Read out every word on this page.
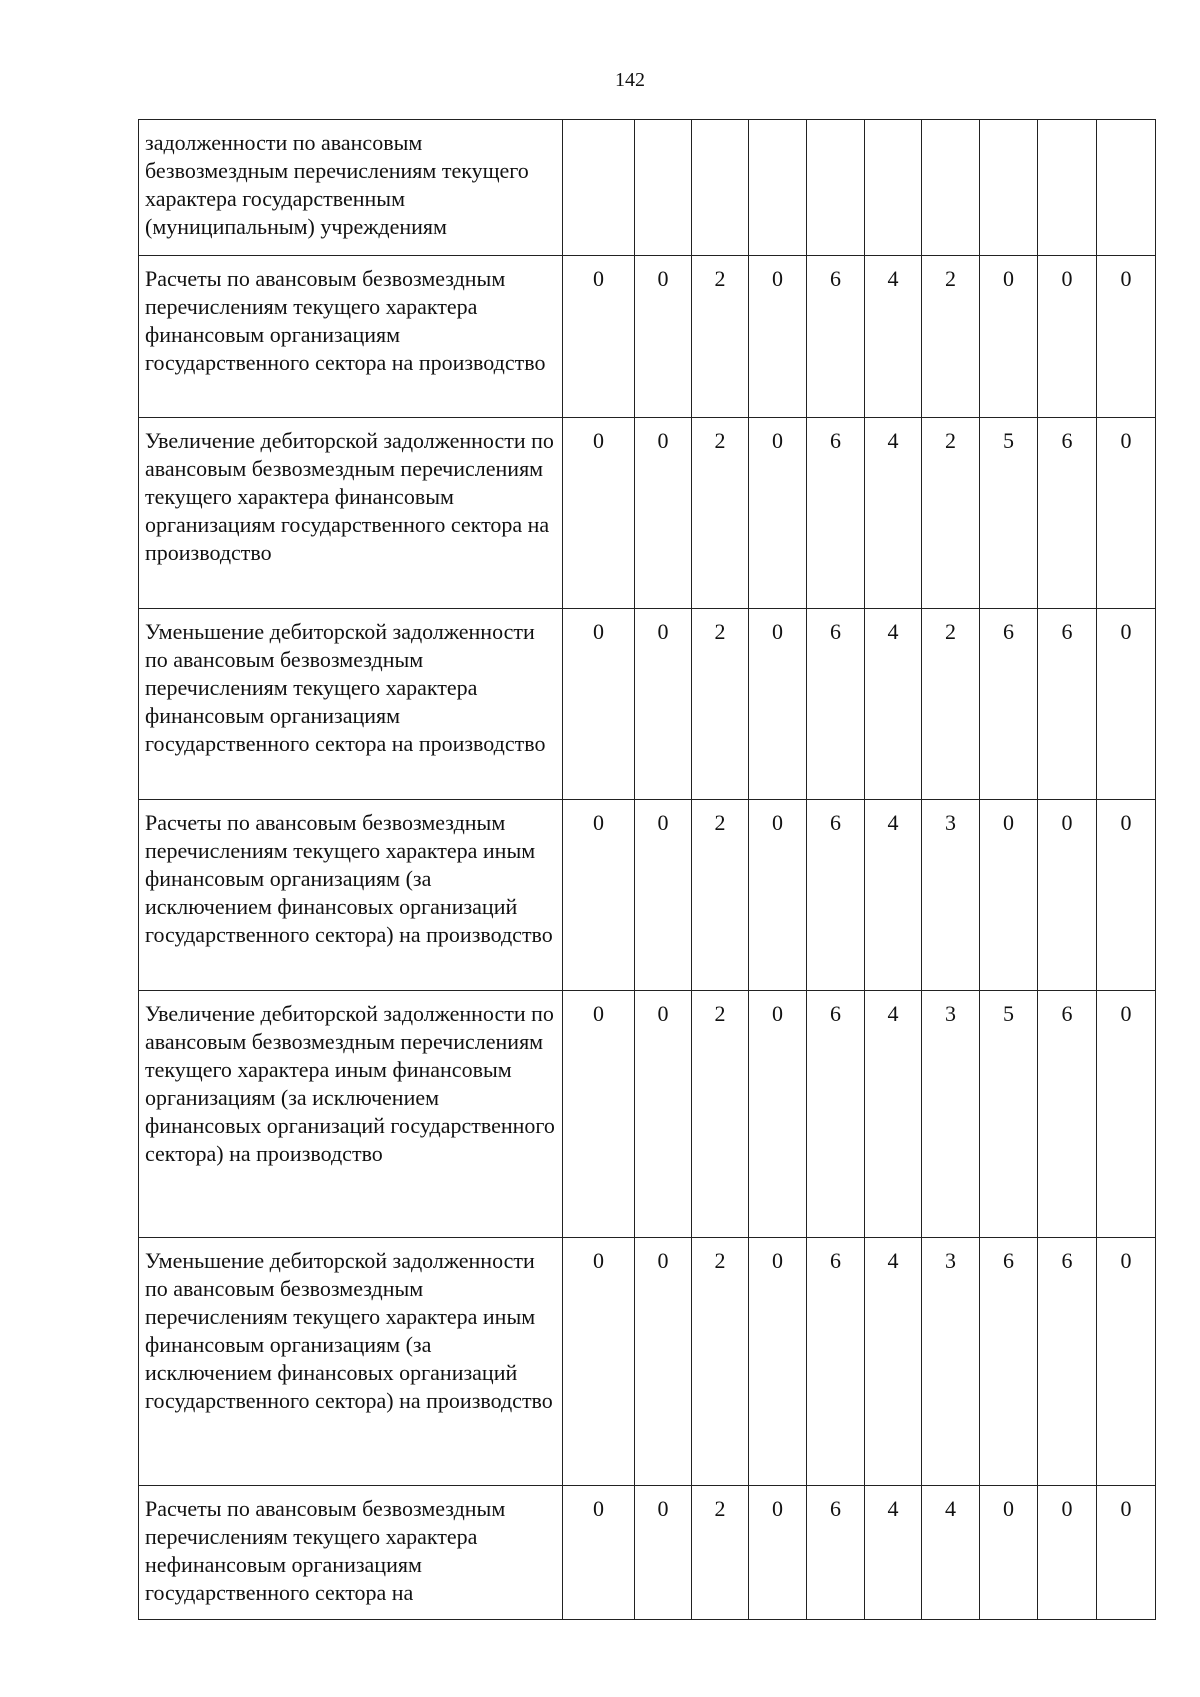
142
задолженности по авансовым безвозмездным перечислениям текущего характера государственным (муниципальным) учреждениям										

Расчеты по авансовым безвозмездным перечислениям текущего характера финансовым организациям государственного сектора на производство	0	0	2	0	6	4	2	0	0	0

Увеличение дебиторской задолженности по авансовым безвозмездным перечислениям текущего характера финансовым организациям государственного сектора на производство	0	0	2	0	6	4	2	5	6	0

Уменьшение дебиторской задолженности по авансовым безвозмездным перечислениям текущего характера финансовым организациям государственного сектора на производство	0	0	2	0	6	4	2	6	6	0

Расчеты по авансовым безвозмездным перечислениям текущего характера иным финансовым организациям (за исключением финансовых организаций государственного сектора) на производство	0	0	2	0	6	4	3	0	0	0

Увеличение дебиторской задолженности по авансовым безвозмездным перечислениям текущего характера иным финансовым организациям (за исключением финансовых организаций государственного сектора) на производство	0	0	2	0	6	4	3	5	6	0

Уменьшение дебиторской задолженности по авансовым безвозмездным перечислениям текущего характера иным финансовым организациям (за исключением финансовых организаций государственного сектора) на производство	0	0	2	0	6	4	3	6	6	0

Расчеты по авансовым безвозмездным перечислениям текущего характера нефинансовым организациям государственного сектора на	0	0	2	0	6	4	4	0	0	0
